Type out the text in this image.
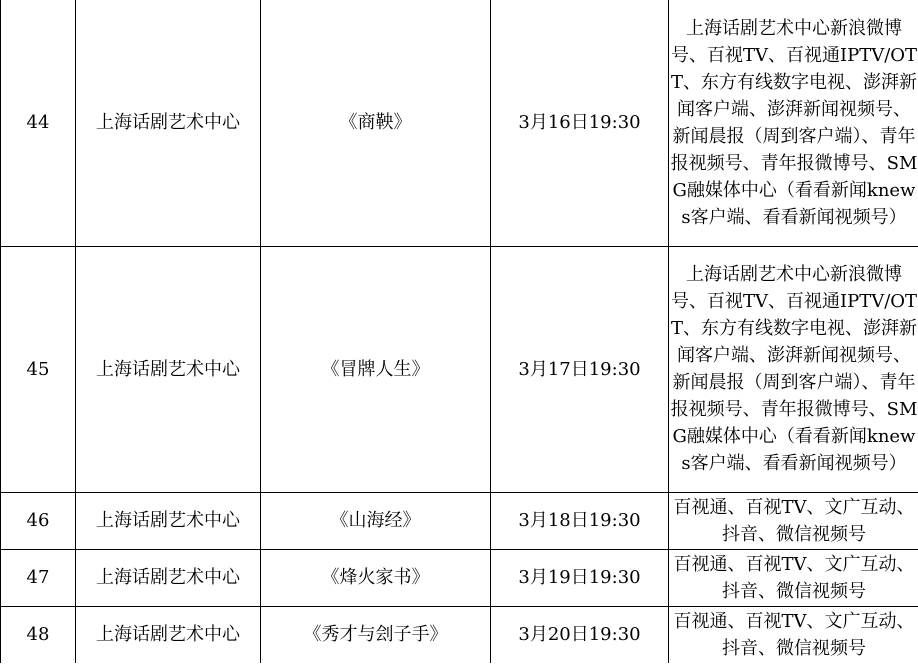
44	上海话剧艺术中心	《商鞅》	3月16日19:30	上海话剧艺术中心新浪微博号、百视TV、百视通IPTV/OTT、东方有线数字电视、澎湃新闻客户端、澎湃新闻视频号、新闻晨报（周到客户端）、青年报视频号、青年报微博号、SMG融媒体中心（看看新闻knews客户端、看看新闻视频号）
45	上海话剧艺术中心	《冒牌人生》	3月17日19:30	上海话剧艺术中心新浪微博号、百视TV、百视通IPTV/OTT、东方有线数字电视、澎湃新闻客户端、澎湃新闻视频号、新闻晨报（周到客户端）、青年报视频号、青年报微博号、SMG融媒体中心（看看新闻knews客户端、看看新闻视频号）
46	上海话剧艺术中心	《山海经》	3月18日19:30	百视通、百视TV、文广互动、抖音、微信视频号
47	上海话剧艺术中心	《烽火家书》	3月19日19:30	百视通、百视TV、文广互动、抖音、微信视频号
48	上海话剧艺术中心	《秀才与刽子手》	3月20日19:30	百视通、百视TV、文广互动、抖音、微信视频号
